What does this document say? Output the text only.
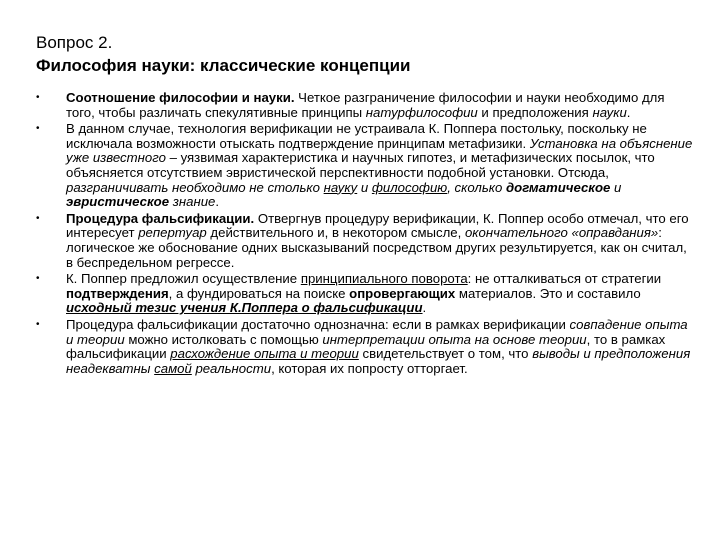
Вопрос 2.
Философия науки: классические концепции
•	Соотношение философии и науки. Четкое разграничение философии и науки необходимо для того, чтобы различать спекулятивные принципы натурфилософии и предположения науки.
•	В данном случае, технология верификации не устраивала К. Поппера постольку, поскольку не исключала возможности отыскать подтверждение принципам метафизики. Установка на объяснение уже известного – уязвимая характеристика и научных гипотез, и метафизических посылок, что объясняется отсутствием эвристической перспективности подобной установки. Отсюда, разграничивать необходимо не столько науку и философию, сколько догматическое и эвристическое знание.
•	Процедура фальсификации. Отвергнув процедуру верификации, К. Поппер особо отмечал, что его интересует репертуар действительного и, в некотором смысле, окончательного «оправдания»: логическое же обоснование одних высказываний посредством других результируется, как он считал, в беспредельном регрессе.
•	К. Поппер предложил осуществление принципиального поворота: не отталкиваться от стратегии подтверждения, а фундироваться на поиске опровергающих материалов. Это и составило исходный тезис учения К.Поппера о фальсификации.
•	Процедура фальсификации достаточно однозначна: если в рамках верификации совпадение опыта и теории можно истолковать с помощью интерпретации опыта на основе теории, то в рамках фальсификации расхождение опыта и теории свидетельствует о том, что выводы и предположения неадекватны самой реальности, которая их попросту отторгает.
